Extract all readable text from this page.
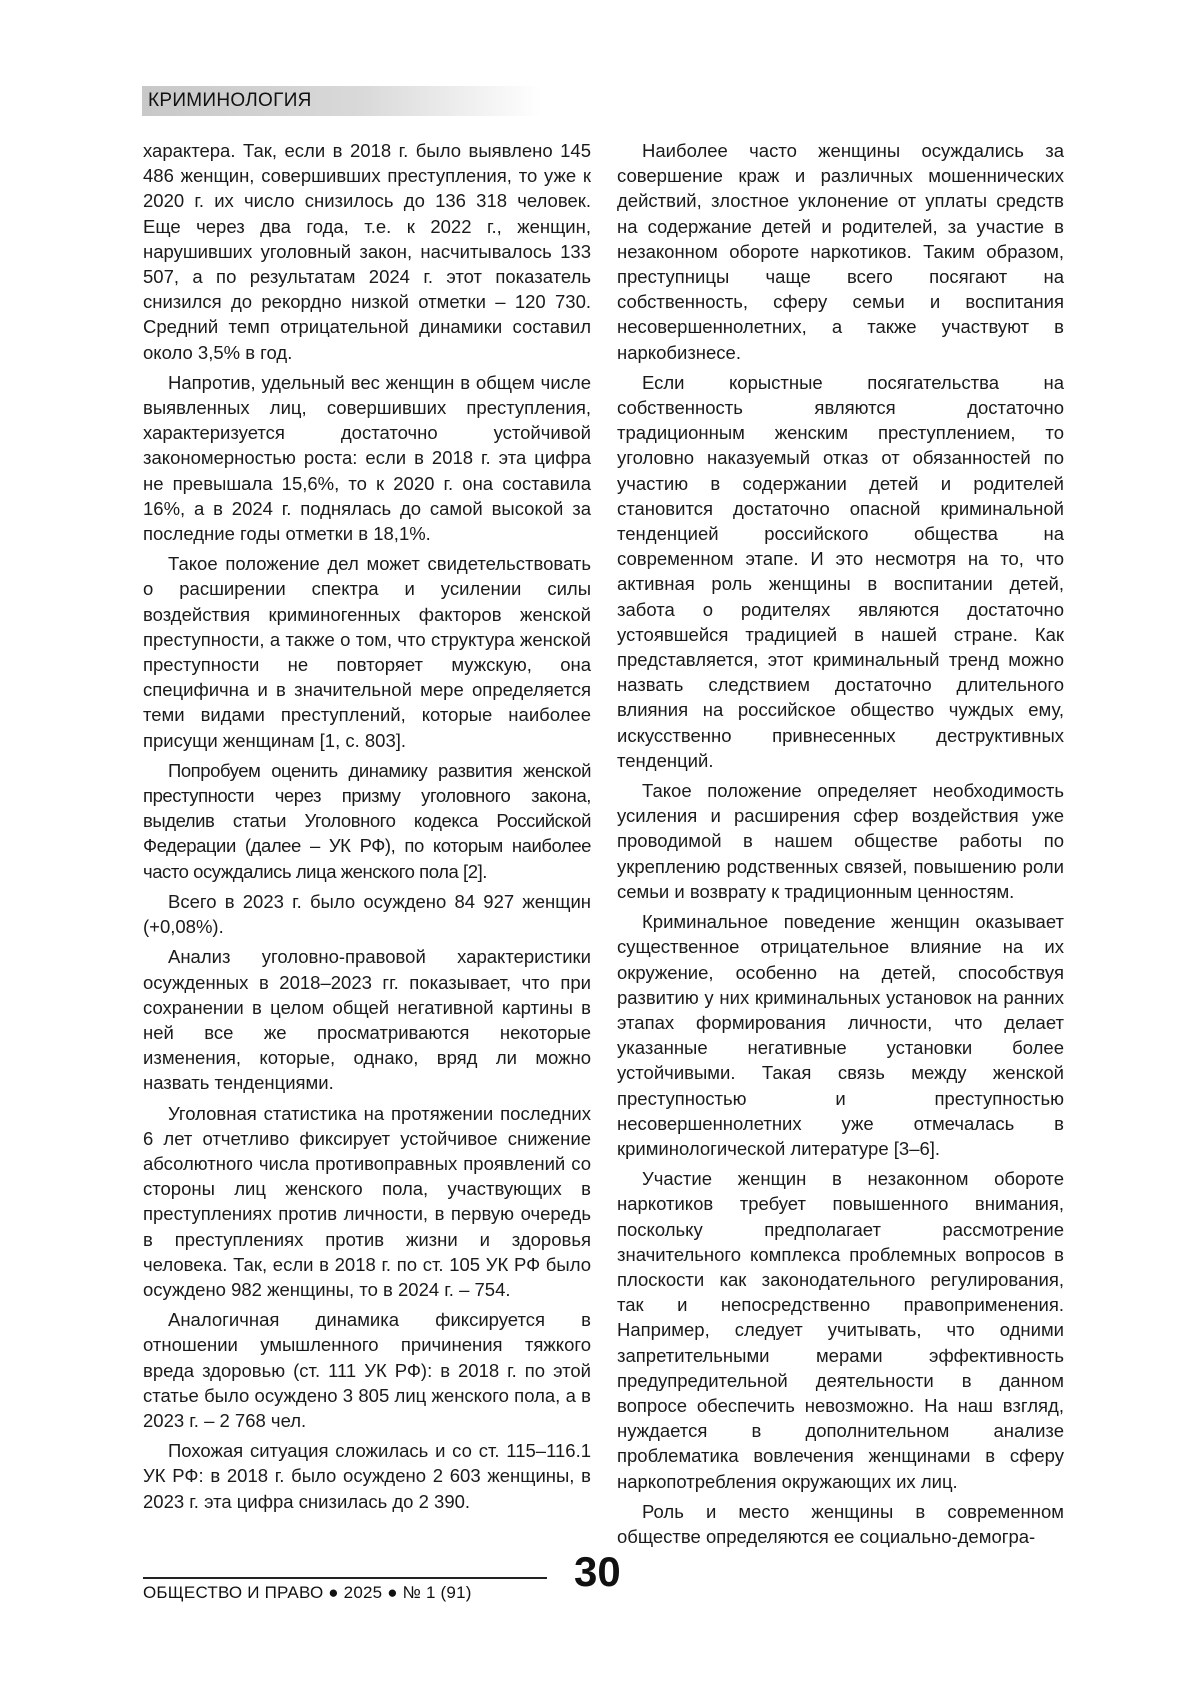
КРИМИНОЛОГИЯ

характера. Так, если в 2018 г. было выявлено 145 486 женщин, совершивших преступления, то уже к 2020 г. их число снизилось до 136 318 человек. Еще через два года, т.е. к 2022 г., женщин, нарушивших уголовный закон, насчитывалось 133 507, а по результатам 2024 г. этот показатель снизился до рекордно низкой отметки – 120 730. Средний темп отрицательной динамики составил около 3,5% в год.

Напротив, удельный вес женщин в общем числе выявленных лиц, совершивших преступления, характеризуется достаточно устойчивой закономерностью роста: если в 2018 г. эта цифра не превышала 15,6%, то к 2020 г. она составила 16%, а в 2024 г. поднялась до самой высокой за последние годы отметки в 18,1%.

Такое положение дел может свидетельствовать о расширении спектра и усилении силы воздействия криминогенных факторов женской преступности, а также о том, что структура женской преступности не повторяет мужскую, она специфична и в значительной мере определяется теми видами преступлений, которые наиболее присущи женщинам [1, с. 803].

Попробуем оценить динамику развития женской преступности через призму уголовного закона, выделив статьи Уголовного кодекса Российской Федерации (далее – УК РФ), по которым наиболее часто осуждались лица женского пола [2].

Всего в 2023 г. было осуждено 84 927 женщин (+0,08%).

Анализ уголовно-правовой характеристики осужденных в 2018–2023 гг. показывает, что при сохранении в целом общей негативной картины в ней все же просматриваются некоторые изменения, которые, однако, вряд ли можно назвать тенденциями.

Уголовная статистика на протяжении последних 6 лет отчетливо фиксирует устойчивое снижение абсолютного числа противоправных проявлений со стороны лиц женского пола, участвующих в преступлениях против личности, в первую очередь в преступлениях против жизни и здоровья человека. Так, если в 2018 г. по ст. 105 УК РФ было осуждено 982 женщины, то в 2024 г. – 754.

Аналогичная динамика фиксируется в отношении умышленного причинения тяжкого вреда здоровью (ст. 111 УК РФ): в 2018 г. по этой статье было осуждено 3 805 лиц женского пола, а в 2023 г. – 2 768 чел.

Похожая ситуация сложилась и со ст. 115–116.1 УК РФ: в 2018 г. было осуждено 2 603 женщины, в 2023 г. эта цифра снизилась до 2 390.

Наиболее часто женщины осуждались за совершение краж и различных мошеннических действий, злостное уклонение от уплаты средств на содержание детей и родителей, за участие в незаконном обороте наркотиков. Таким образом, преступницы чаще всего посягают на собственность, сферу семьи и воспитания несовершеннолетних, а также участвуют в наркобизнесе.

Если корыстные посягательства на собственность являются достаточно традиционным женским преступлением, то уголовно наказуемый отказ от обязанностей по участию в содержании детей и родителей становится достаточно опасной криминальной тенденцией российского общества на современном этапе. И это несмотря на то, что активная роль женщины в воспитании детей, забота о родителях являются достаточно устоявшейся традицией в нашей стране. Как представляется, этот криминальный тренд можно назвать следствием достаточно длительного влияния на российское общество чуждых ему, искусственно привнесенных деструктивных тенденций.

Такое положение определяет необходимость усиления и расширения сфер воздействия уже проводимой в нашем обществе работы по укреплению родственных связей, повышению роли семьи и возврату к традиционным ценностям.

Криминальное поведение женщин оказывает существенное отрицательное влияние на их окружение, особенно на детей, способствуя развитию у них криминальных установок на ранних этапах формирования личности, что делает указанные негативные установки более устойчивыми. Такая связь между женской преступностью и преступностью несовершеннолетних уже отмечалась в криминологической литературе [3–6].

Участие женщин в незаконном обороте наркотиков требует повышенного внимания, поскольку предполагает рассмотрение значительного комплекса проблемных вопросов в плоскости как законодательного регулирования, так и непосредственно правоприменения. Например, следует учитывать, что одними запретительными мерами эффективность предупредительной деятельности в данном вопросе обеспечить невозможно. На наш взгляд, нуждается в дополнительном анализе проблематика вовлечения женщинами в сферу наркопотребления окружающих их лиц.

Роль и место женщины в современном обществе определяются ее социально-демогра-

30
ОБЩЕСТВО И ПРАВО ● 2025 ● № 1 (91)
